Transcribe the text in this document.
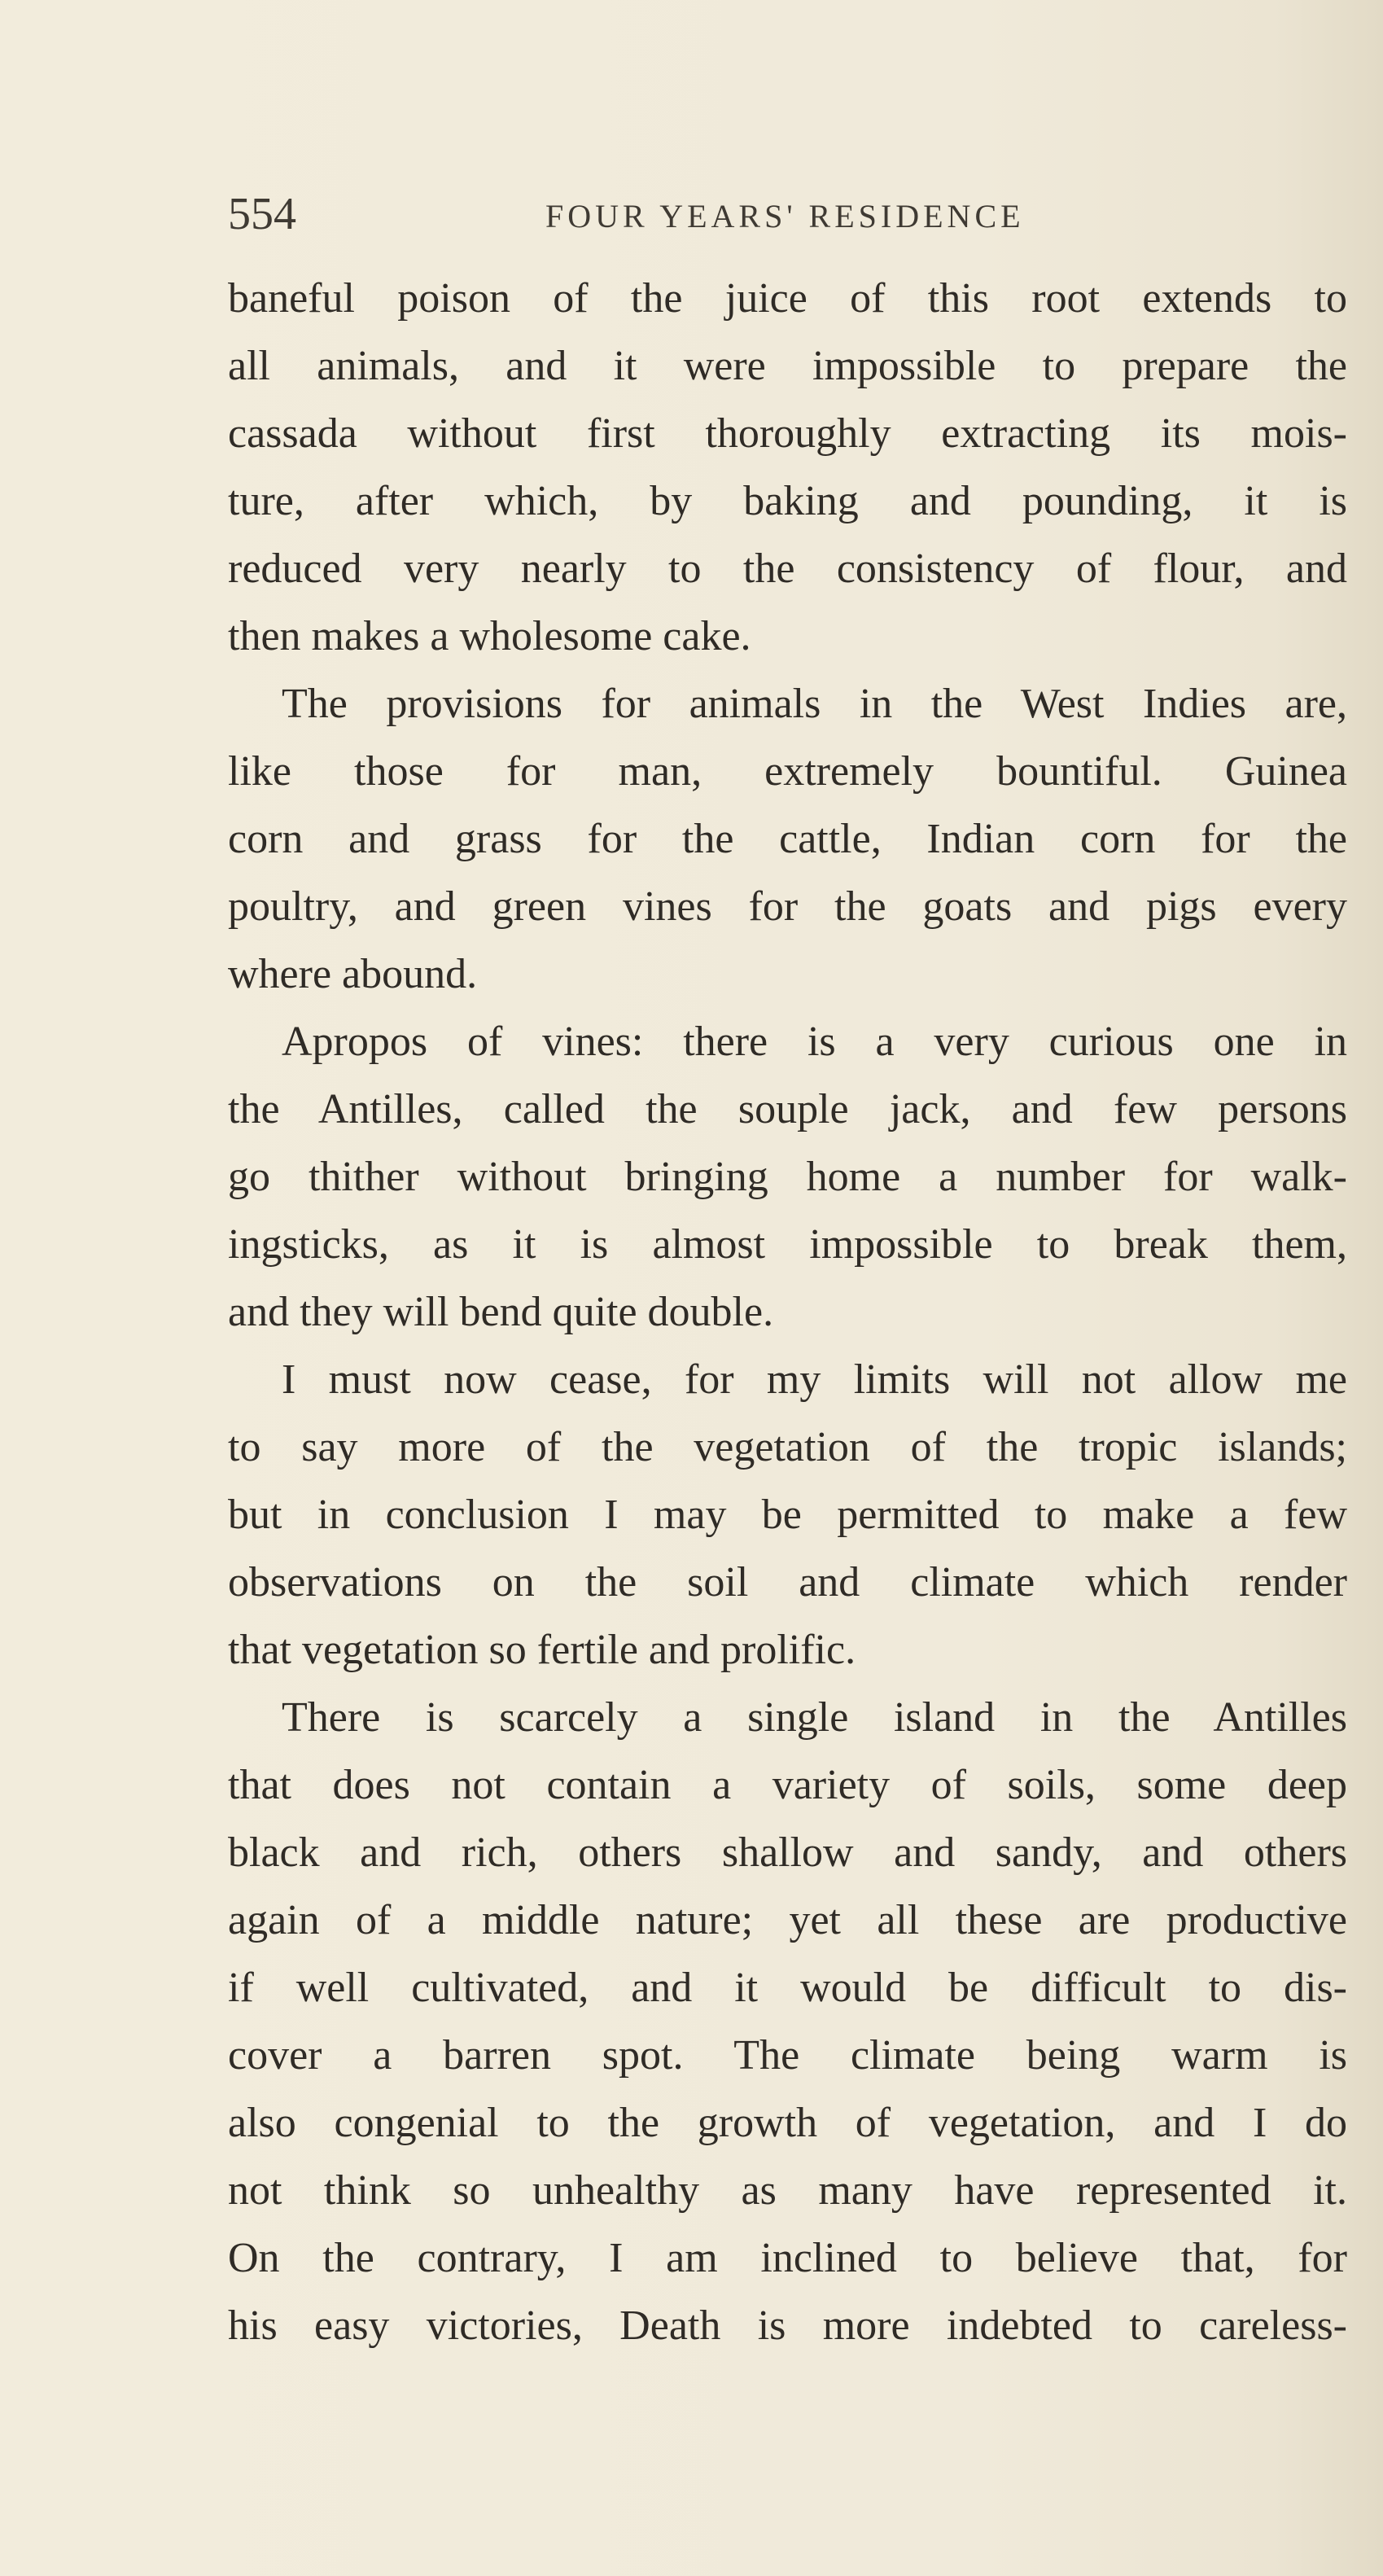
554	FOUR YEARS' RESIDENCE
baneful poison of the juice of this root extends to
all animals, and it were impossible to prepare the
cassada without first thoroughly extracting its mois-
ture, after which, by baking and pounding, it is
reduced very nearly to the consistency of flour, and
then makes a wholesome cake.
The provisions for animals in the West Indies are,
like those for man, extremely bountiful. Guinea
corn and grass for the cattle, Indian corn for the
poultry, and green vines for the goats and pigs every
where abound.
Apropos of vines: there is a very curious one in
the Antilles, called the souple jack, and few persons
go thither without bringing home a number for walk-
ingsticks, as it is almost impossible to break them,
and they will bend quite double.
I must now cease, for my limits will not allow me
to say more of the vegetation of the tropic islands;
but in conclusion I may be permitted to make a few
observations on the soil and climate which render
that vegetation so fertile and prolific.
There is scarcely a single island in the Antilles
that does not contain a variety of soils, some deep
black and rich, others shallow and sandy, and others
again of a middle nature; yet all these are productive
if well cultivated, and it would be difficult to dis-
cover a barren spot. The climate being warm is
also congenial to the growth of vegetation, and I do
not think so unhealthy as many have represented it.
On the contrary, I am inclined to believe that, for
his easy victories, Death is more indebted to careless-
